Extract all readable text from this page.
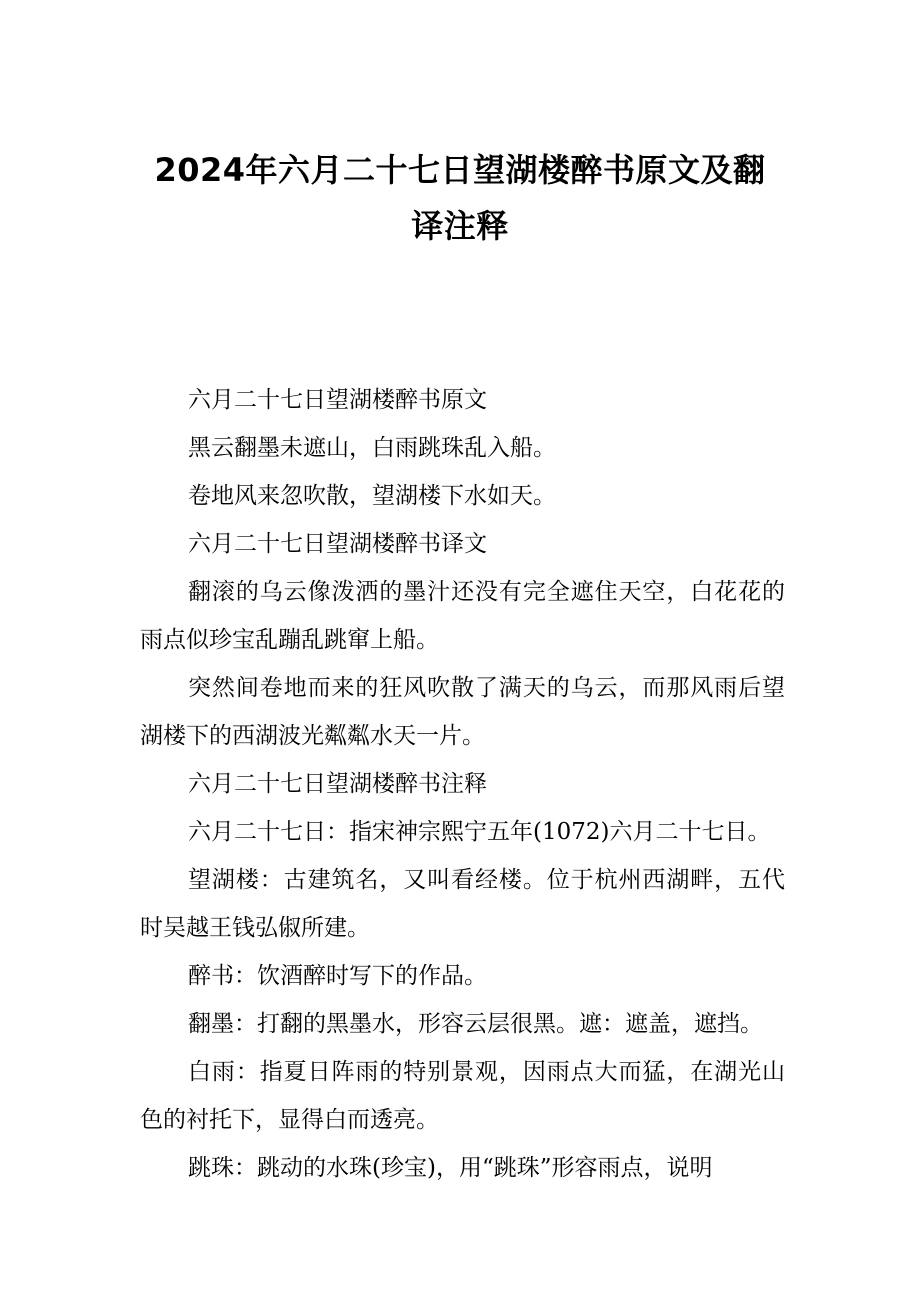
2024年六月二十七日望湖楼醉书原文及翻
译注释

六月二十七日望湖楼醉书原文

黑云翻墨未遮山，白雨跳珠乱入船。

卷地风来忽吹散，望湖楼下水如天。

六月二十七日望湖楼醉书译文

翻滚的乌云像泼洒的墨汁还没有完全遮住天空，白花花的雨点似珍宝乱蹦乱跳窜上船。

突然间卷地而来的狂风吹散了满天的乌云，而那风雨后望湖楼下的西湖波光粼粼水天一片。

六月二十七日望湖楼醉书注释

六月二十七日：指宋神宗熙宁五年(1072)六月二十七日。

望湖楼：古建筑名，又叫看经楼。位于杭州西湖畔，五代时吴越王钱弘俶所建。

醉书：饮酒醉时写下的作品。

翻墨：打翻的黑墨水，形容云层很黑。遮：遮盖，遮挡。

白雨：指夏日阵雨的特别景观，因雨点大而猛，在湖光山色的衬托下，显得白而透亮。

跳珠：跳动的水珠(珍宝)，用“跳珠”形容雨点，说明
